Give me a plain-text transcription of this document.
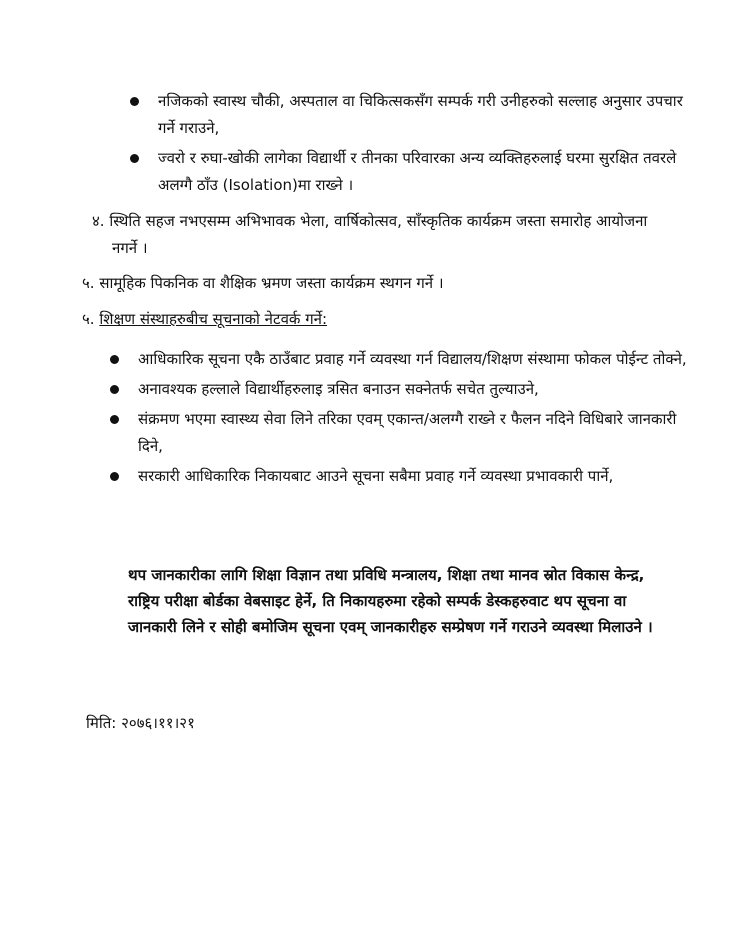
नजिकको स्वास्थ चौकी, अस्पताल वा चिकित्सकसँग सम्पर्क गरी उनीहरुको सल्लाह अनुसार उपचार गर्ने गराउने,
ज्वरो र रुघा-खोकी लागेका विद्यार्थी र तीनका परिवारका अन्य व्यक्तिहरुलाई घरमा सुरक्षित तवरले अलग्गै ठाँउ (Isolation)मा राख्ने ।
४. स्थिति सहज नभएसम्म अभिभावक भेला, वार्षिकोत्सव, साँस्कृतिक कार्यक्रम जस्ता समारोह आयोजना नगर्ने ।
५. सामूहिक पिकनिक वा शैक्षिक भ्रमण जस्ता कार्यक्रम स्थगन गर्ने ।
५. शिक्षण संस्थाहरुबीच सूचनाको नेटवर्क गर्ने:
आधिकारिक सूचना एकै ठाउँबाट प्रवाह गर्ने व्यवस्था गर्न विद्यालय/शिक्षण संस्थामा फोकल पोईन्ट तोक्ने,
अनावश्यक हल्लाले विद्यार्थीहरुलाइ त्रसित बनाउन सक्नेतर्फ सचेत तुल्याउने,
संक्रमण भएमा स्वास्थ्य सेवा लिने तरिका एवम् एकान्त/अलग्गै राख्ने र फैलन नदिने विधिबारे जानकारी दिने,
सरकारी आधिकारिक निकायबाट आउने सूचना सबैमा प्रवाह गर्ने व्यवस्था प्रभावकारी पार्ने,
थप जानकारीका लागि शिक्षा विज्ञान तथा प्रविधि मन्त्रालय, शिक्षा तथा मानव स्रोत विकास केन्द्र, राष्ट्रिय परीक्षा बोर्डका वेबसाइट हेर्ने, ति निकायहरुमा रहेको सम्पर्क डेस्कहरुवाट थप सूचना वा जानकारी लिने र सोही बमोजिम सूचना एवम् जानकारीहरु सम्प्रेषण गर्ने गराउने व्यवस्था मिलाउने ।
मिति: २०७६।११।२१
